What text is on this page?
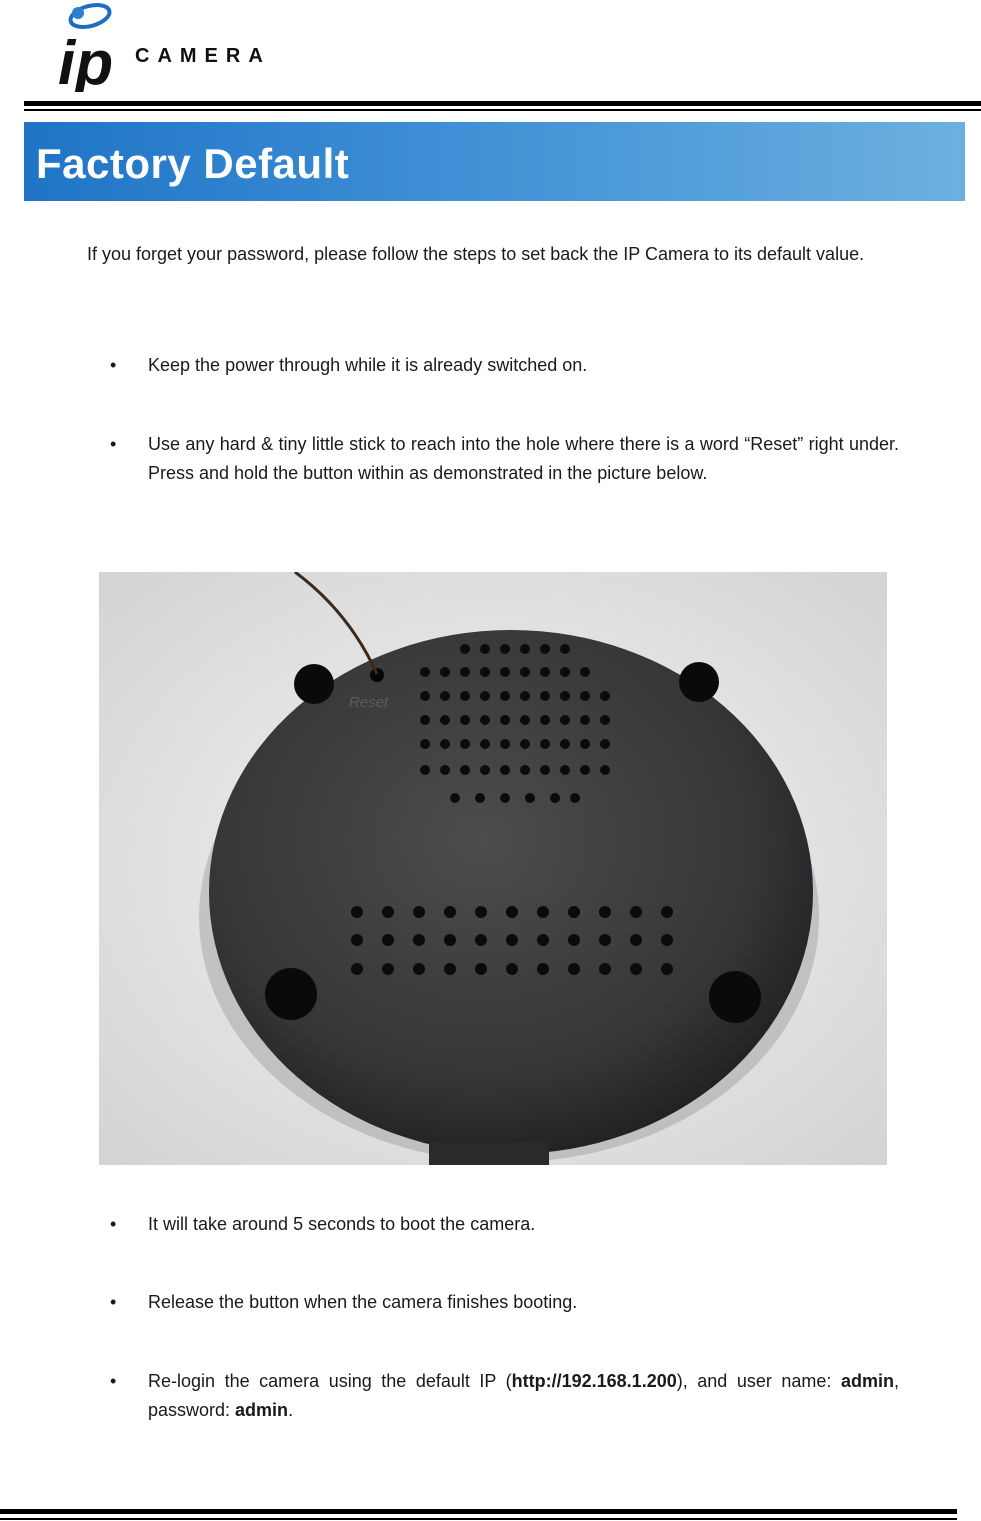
ip CAMERA
Factory Default
If you forget your password, please follow the steps to set back the IP Camera to its default value.
• Keep the power through while it is already switched on.
• Use any hard & tiny little stick to reach into the hole where there is a word “Reset” right under. Press and hold the button within as demonstrated in the picture below.
Reset
• It will take around 5 seconds to boot the camera.
• Release the button when the camera finishes booting.
• Re-login the camera using the default IP (http://192.168.1.200), and user name: admin, password: admin.
